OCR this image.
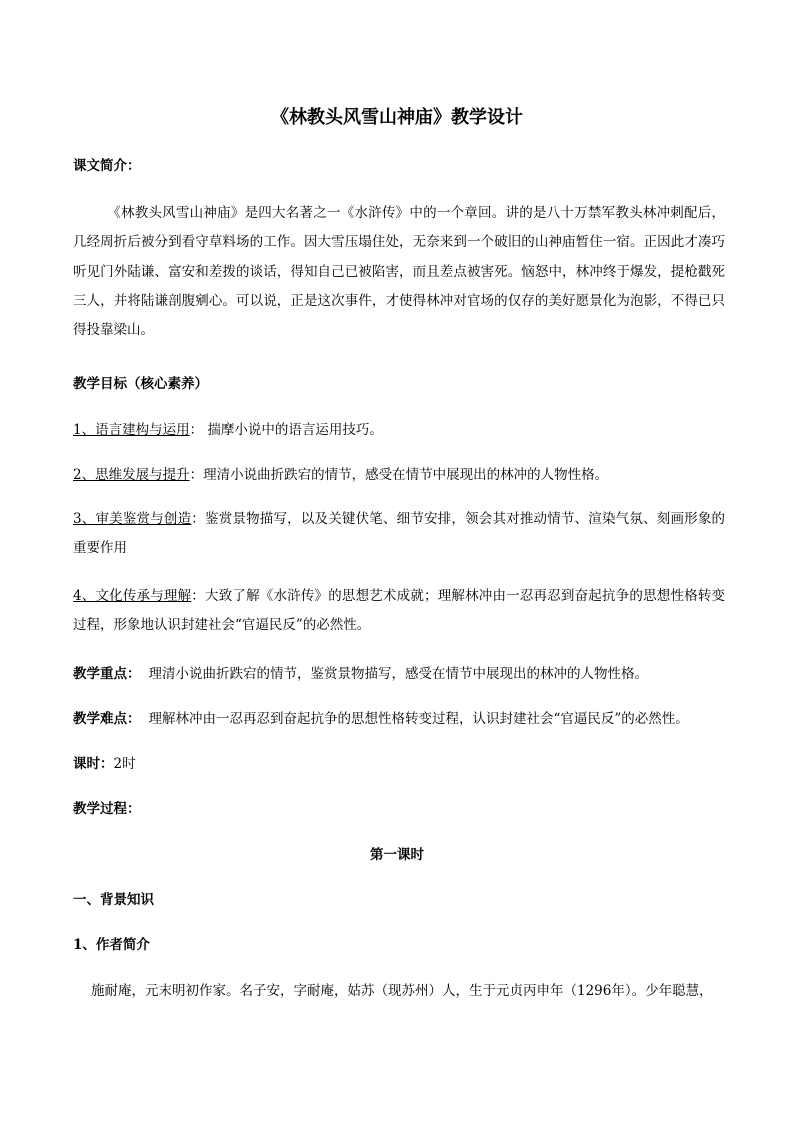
《林教头风雪山神庙》教学设计
课文简介：
《林教头风雪山神庙》是四大名著之一《水浒传》中的一个章回。讲的是八十万禁军教头林冲刺配后，几经周折后被分到看守草料场的工作。因大雪压塌住处，无奈来到一个破旧的山神庙暂住一宿。正因此才凑巧听见门外陆谦、富安和差拨的谈话，得知自己已被陷害，而且差点被害死。恼怒中，林冲终于爆发，提枪戳死三人，并将陆谦剖腹剜心。可以说，正是这次事件，才使得林冲对官场的仅存的美好愿景化为泡影，不得已只得投靠梁山。
教学目标（核心素养）
1、语言建构与运用： 揣摩小说中的语言运用技巧。
2、思维发展与提升：理清小说曲折跌宕的情节，感受在情节中展现出的林冲的人物性格。
3、审美鉴赏与创造：鉴赏景物描写，以及关键伏笔、细节安排，领会其对推动情节、渲染气氛、刻画形象的重要作用
4、文化传承与理解：大致了解《水浒传》的思想艺术成就；理解林冲由一忍再忍到奋起抗争的思想性格转变过程，形象地认识封建社会“官逼民反”的必然性。
教学重点： 理清小说曲折跌宕的情节，鉴赏景物描写，感受在情节中展现出的林冲的人物性格。
教学难点： 理解林冲由一忍再忍到奋起抗争的思想性格转变过程，认识封建社会“官逼民反”的必然性。
课时：2时
教学过程：
第一课时
一、背景知识
1、作者简介
施耐庵，元末明初作家。名子安，字耐庵，姑苏（现苏州）人，生于元贞丙申年（1296年）。少年聪慧，
